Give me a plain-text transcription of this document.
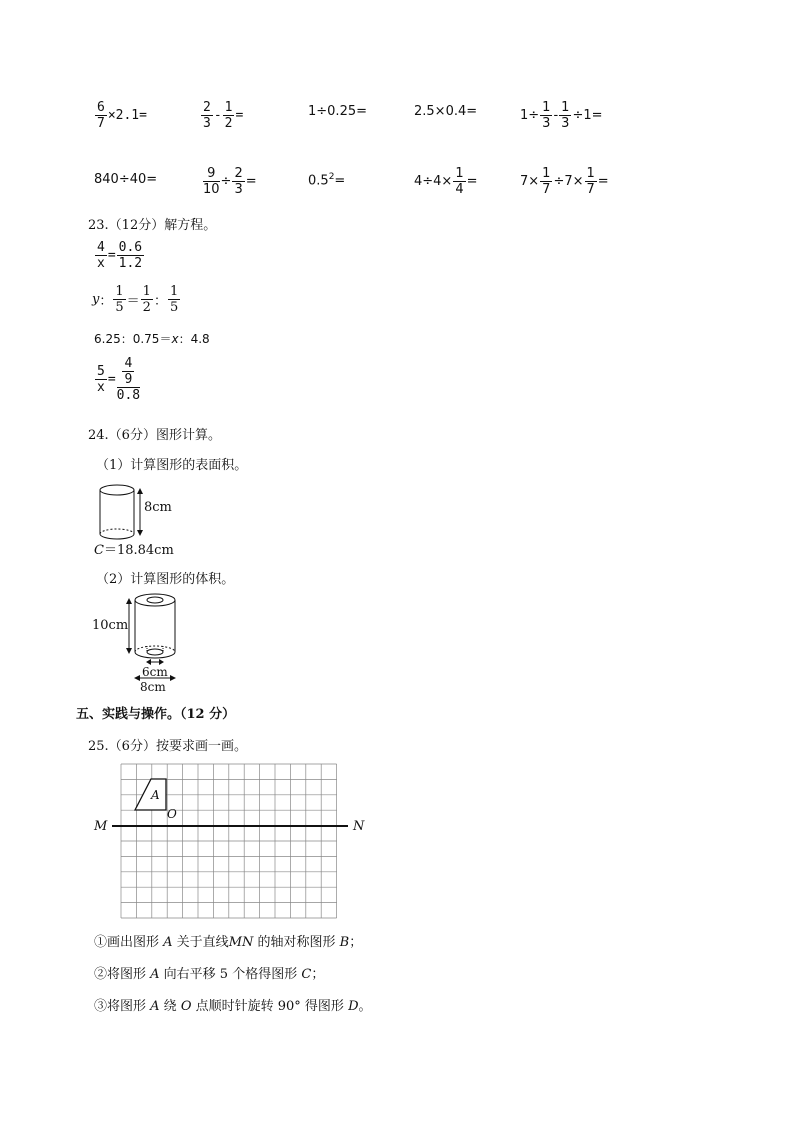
$\frac{6}{7} \times 2.1=$	$\frac{2}{3} - \frac{1}{2}$ =	1÷0.25=	2.5×0.4=	$1\div \frac{1}{3} - \frac{1}{3} \div 1=$
840÷40=	$\frac{9}{10} \div \frac{2}{3}$ =	$0.5^2=$	$4\div 4\times \frac{1}{4}$ =	$7\times \frac{1}{7} \div 7\times \frac{1}{7}$ =
23.（12分）解方程。
$\frac{4}{x} = \frac{0.6}{1.2}$
y： $\frac{1}{5} = \frac{1}{2}$ ： $\frac{1}{5}$
6.25：0.75＝x：4.8
$\frac{5}{x} = \frac{\frac{4}{9}}{0.8}$
24.（6分）图形计算。
（1）计算图形的表面积。
8cm
C＝18.84cm
（2）计算图形的体积。
10cm
6cm
8cm
五、实践与操作。（12 分）
25.（6分）按要求画一画。
M	N
A
O
①画出图形 A 关于直线MN 的轴对称图形 B；
②将图形 A 向右平移 5 个格得图形 C；
③将图形 A 绕 O 点顺时针旋转 90° 得图形 D。
